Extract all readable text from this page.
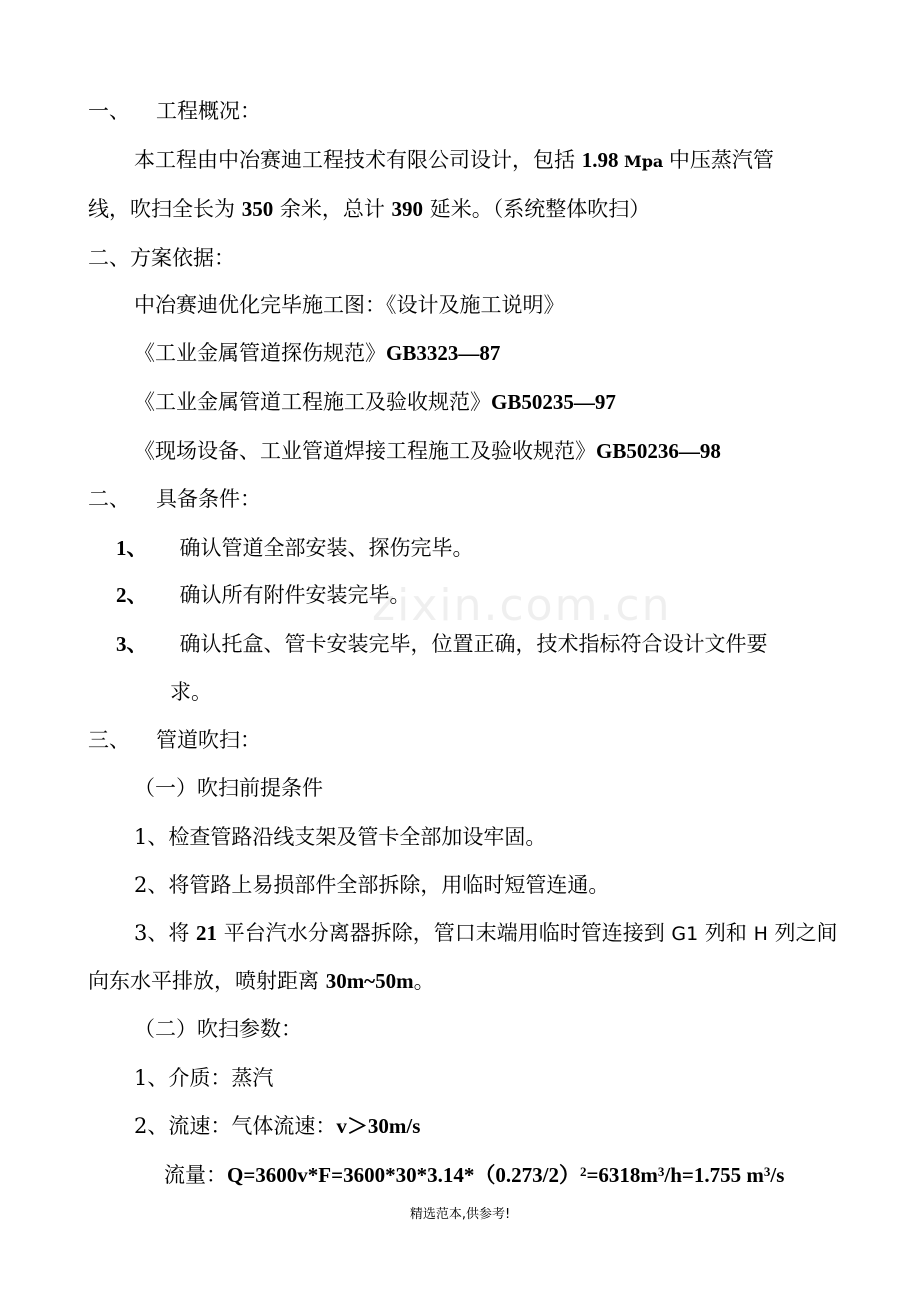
zixin.com.cn
一、 工程概况：
本工程由中冶赛迪工程技术有限公司设计，包括 1.98 Mpa 中压蒸汽管
线，吹扫全长为 350 余米，总计 390 延米。（系统整体吹扫）
二、方案依据：
中冶赛迪优化完毕施工图：《设计及施工说明》
《工业金属管道探伤规范》GB3323—87
《工业金属管道工程施工及验收规范》GB50235—97
《现场设备、工业管道焊接工程施工及验收规范》GB50236—98
二、 具备条件：
1、 确认管道全部安装、探伤完毕。
2、 确认所有附件安装完毕。
3、 确认托盒、管卡安装完毕，位置正确，技术指标符合设计文件要
求。
三、 管道吹扫：
（一）吹扫前提条件
1、检查管路沿线支架及管卡全部加设牢固。
2、将管路上易损部件全部拆除，用临时短管连通。
3、将 21 平台汽水分离器拆除，管口末端用临时管连接到 G1 列和 H 列之间
向东水平排放，喷射距离 30m~50m。
（二）吹扫参数：
1、介质：蒸汽
2、流速：气体流速：v＞30m/s
流量：$Q=3600v*F=3600*30*3.14*(0.273/2)^2=6318m^3/h=1.755$ $m^3/s$
精选范本,供参考!
